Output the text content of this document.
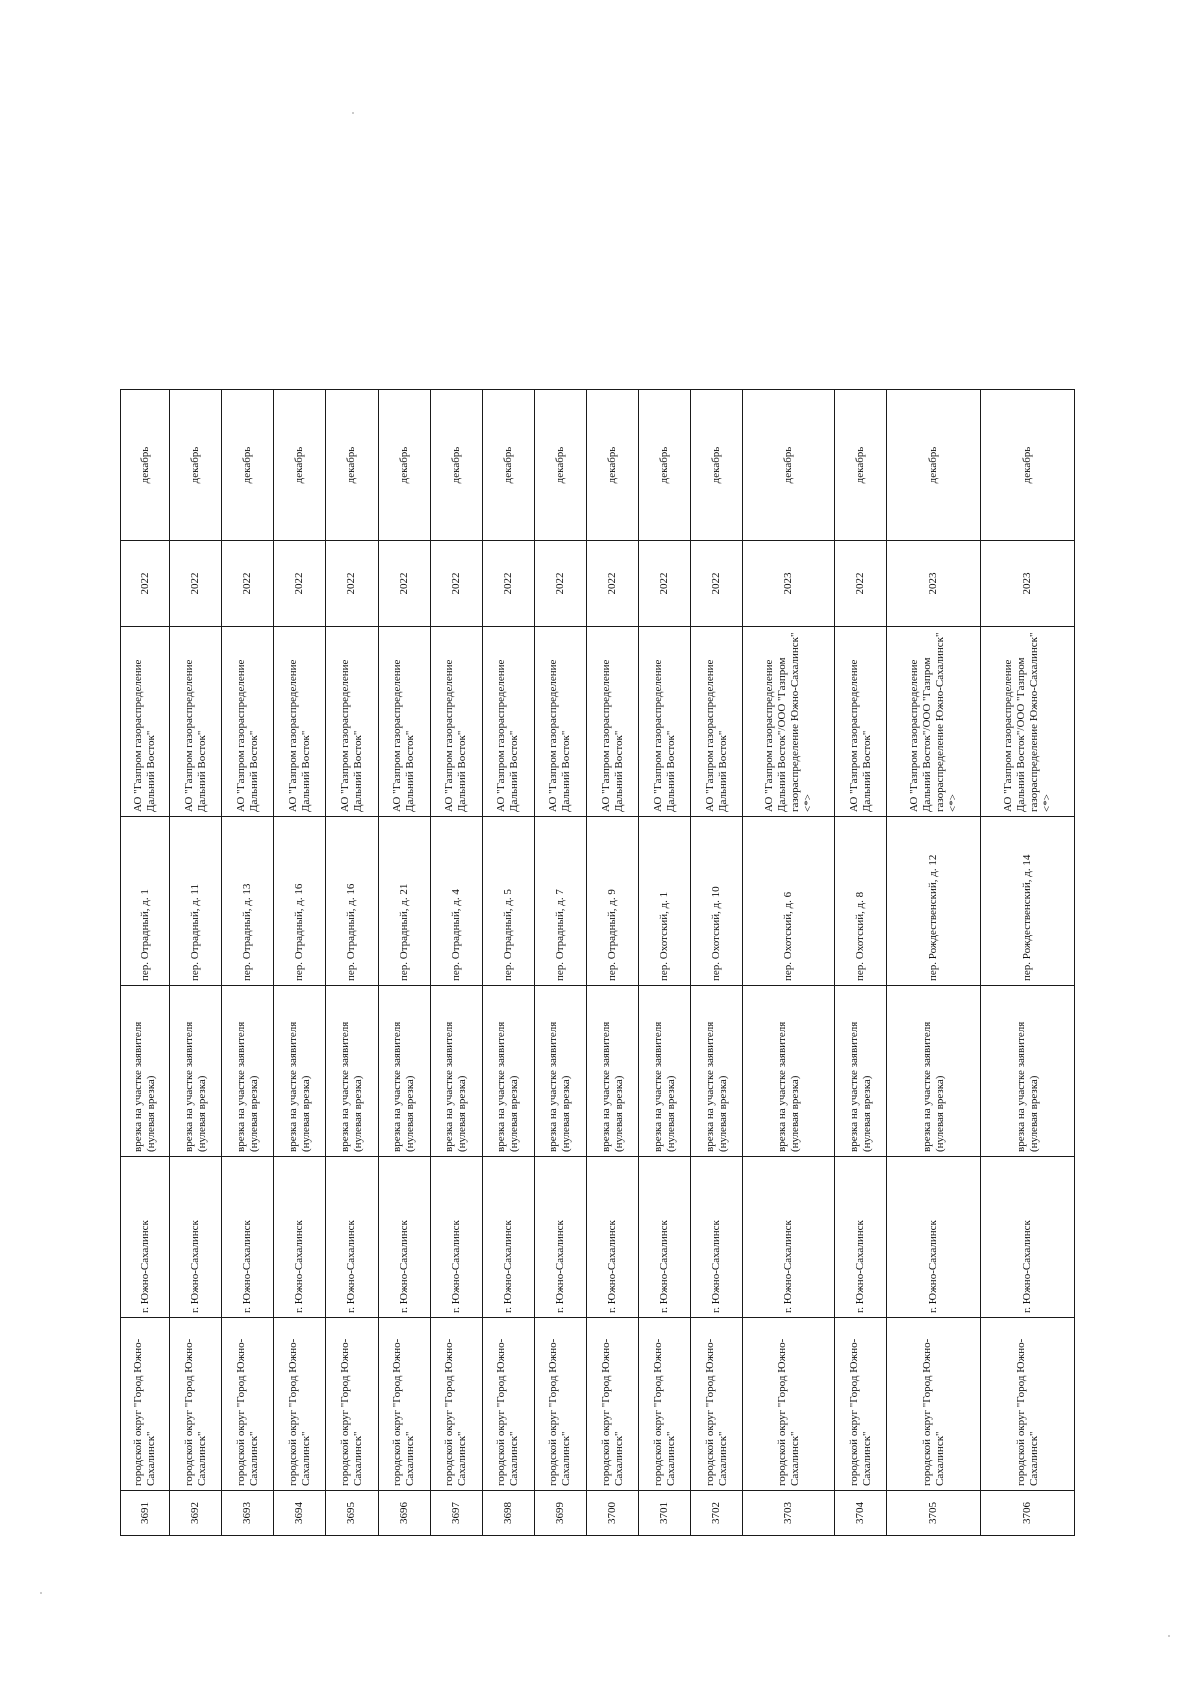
3691	городской округ "Город Южно-Сахалинск"	г. Южно-Сахалинск	врезка на участке заявителя (нулевая врезка)	пер. Отрадный, д. 1	АО "Газпром газораспределение Дальний Восток"	2022	декабрь
3692	городской округ "Город Южно-Сахалинск"	г. Южно-Сахалинск	врезка на участке заявителя (нулевая врезка)	пер. Отрадный, д. 11	АО "Газпром газораспределение Дальний Восток"	2022	декабрь
3693	городской округ "Город Южно-Сахалинск"	г. Южно-Сахалинск	врезка на участке заявителя (нулевая врезка)	пер. Отрадный, д. 13	АО "Газпром газораспределение Дальний Восток"	2022	декабрь
3694	городской округ "Город Южно-Сахалинск"	г. Южно-Сахалинск	врезка на участке заявителя (нулевая врезка)	пер. Отрадный, д. 16	АО "Газпром газораспределение Дальний Восток"	2022	декабрь
3695	городской округ "Город Южно-Сахалинск"	г. Южно-Сахалинск	врезка на участке заявителя (нулевая врезка)	пер. Отрадный, д. 16	АО "Газпром газораспределение Дальний Восток"	2022	декабрь
3696	городской округ "Город Южно-Сахалинск"	г. Южно-Сахалинск	врезка на участке заявителя (нулевая врезка)	пер. Отрадный, д. 21	АО "Газпром газораспределение Дальний Восток"	2022	декабрь
3697	городской округ "Город Южно-Сахалинск"	г. Южно-Сахалинск	врезка на участке заявителя (нулевая врезка)	пер. Отрадный, д. 4	АО "Газпром газораспределение Дальний Восток"	2022	декабрь
3698	городской округ "Город Южно-Сахалинск"	г. Южно-Сахалинск	врезка на участке заявителя (нулевая врезка)	пер. Отрадный, д. 5	АО "Газпром газораспределение Дальний Восток"	2022	декабрь
3699	городской округ "Город Южно-Сахалинск"	г. Южно-Сахалинск	врезка на участке заявителя (нулевая врезка)	пер. Отрадный, д. 7	АО "Газпром газораспределение Дальний Восток"	2022	декабрь
3700	городской округ "Город Южно-Сахалинск"	г. Южно-Сахалинск	врезка на участке заявителя (нулевая врезка)	пер. Отрадный, д. 9	АО "Газпром газораспределение Дальний Восток"	2022	декабрь
3701	городской округ "Город Южно-Сахалинск"	г. Южно-Сахалинск	врезка на участке заявителя (нулевая врезка)	пер. Охотский, д. 1	АО "Газпром газораспределение Дальний Восток"	2022	декабрь
3702	городской округ "Город Южно-Сахалинск"	г. Южно-Сахалинск	врезка на участке заявителя (нулевая врезка)	пер. Охотский, д. 10	АО "Газпром газораспределение Дальний Восток"	2022	декабрь
3703	городской округ "Город Южно-Сахалинск"	г. Южно-Сахалинск	врезка на участке заявителя (нулевая врезка)	пер. Охотский, д. 6	АО "Газпром газораспределение Дальний Восток"/ООО "Газпром газораспределение Южно-Сахалинск" <*>	2023	декабрь
3704	городской округ "Город Южно-Сахалинск"	г. Южно-Сахалинск	врезка на участке заявителя (нулевая врезка)	пер. Охотский, д. 8	АО "Газпром газораспределение Дальний Восток"	2022	декабрь
3705	городской округ "Город Южно-Сахалинск"	г. Южно-Сахалинск	врезка на участке заявителя (нулевая врезка)	пер. Рождественский, д. 12	АО "Газпром газораспределение Дальний Восток"/ООО "Газпром газораспределение Южно-Сахалинск" <*>	2023	декабрь
3706	городской округ "Город Южно-Сахалинск"	г. Южно-Сахалинск	врезка на участке заявителя (нулевая врезка)	пер. Рождественский, д. 14	АО "Газпром газораспределение Дальний Восток"/ООО "Газпром газораспределение Южно-Сахалинск" <*>	2023	декабрь
